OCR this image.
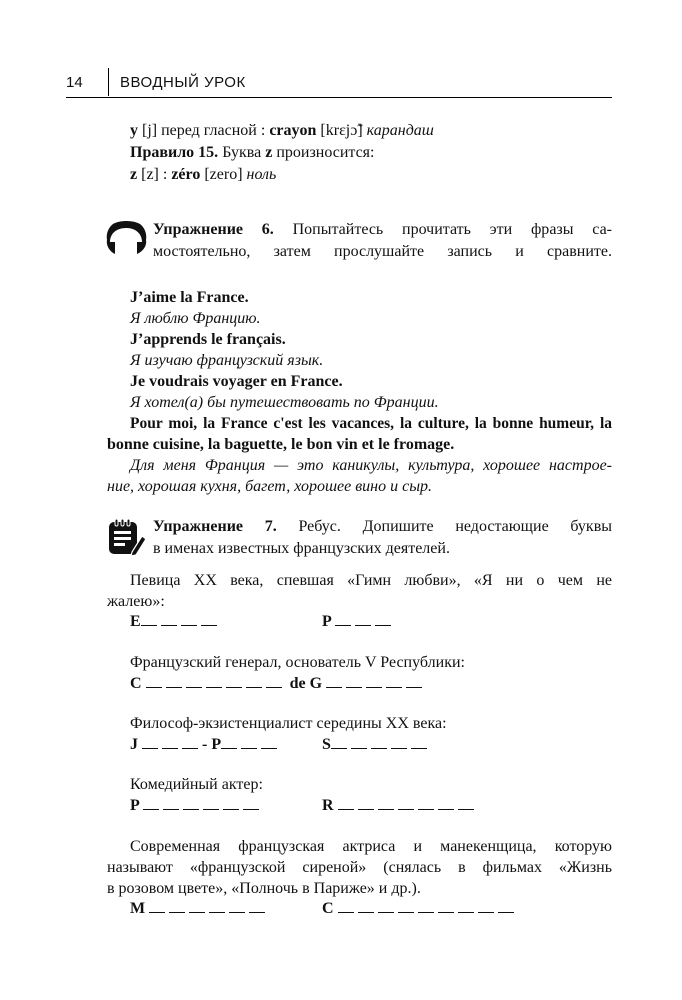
14 ВВОДНЫЙ УРОК
y [j] перед гласной : crayon [krɛjɔ̃] карандаш
Правило 15. Буква z произносится:
z [z] : zéro [zero] ноль
Упражнение 6. Попытайтесь прочитать эти фразы са-
мостоятельно, затем прослушайте запись и сравните.
J’aime la France.
Я люблю Францию.
J’apprends le français.
Я изучаю французский язык.
Je voudrais voyager en France.
Я хотел(а) бы путешествовать по Франции.
Pour moi, la France c'est les vacances, la culture, la bonne humeur, la
bonne cuisine, la baguette, le bon vin et le fromage.
Для меня Франция — это каникулы, культура, хорошее настрое-
ние, хорошая кухня, багет, хорошее вино и сыр.
Упражнение 7. Ребус. Допишите недостающие буквы
в именах известных французских деятелей.
Певица XX века, спевшая «Гимн любви», «Я ни о чем не
жалею»:
E	P
Французский генерал, основатель V Республики:
C	de G
Философ-экзистенциалист середины XX века:
J	- P	S
Комедийный актер:
P	R
Современная французская актриса и манекенщица, которую
называют «французской сиреной» (снялась в фильмах «Жизнь
в розовом цвете», «Полночь в Париже» и др.).
M	C
